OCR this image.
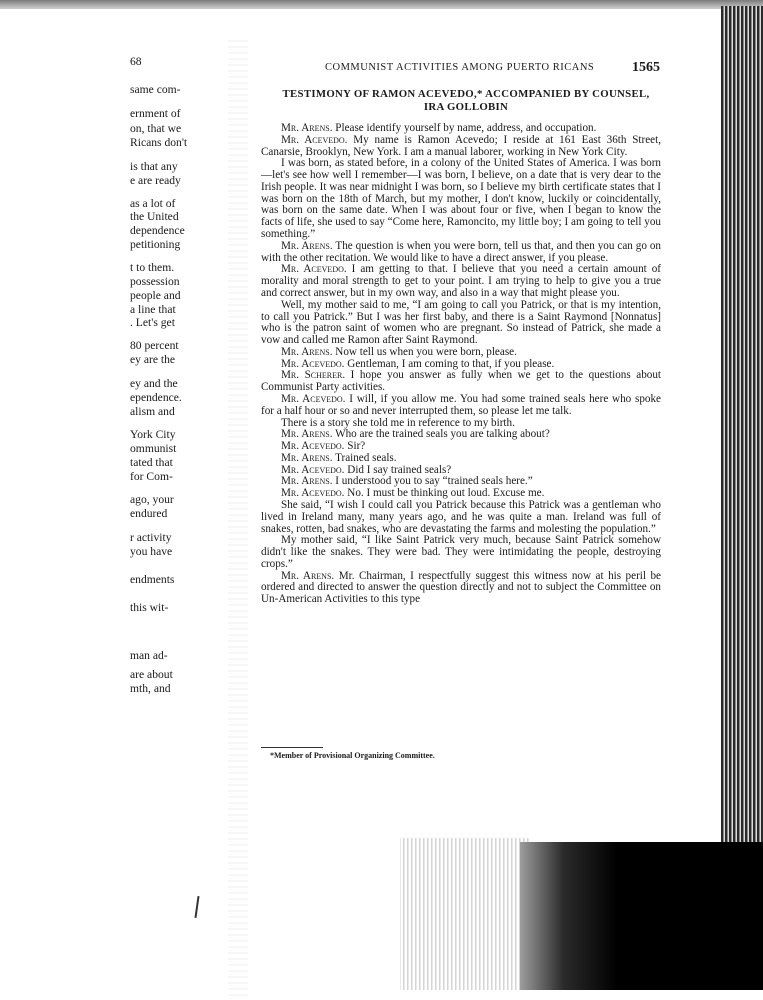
68
same com-
ernment of
on, that we
Ricans don't
is that any
e are ready
as a lot of
the United
dependence
petitioning
t to them.
possession
people and
a line that
. Let's get
80 percent
ey are the
ey and the
ependence.
alism and
York City
ommunist
tated that
for Com-
ago, your
endured
r activity
you have
endments
this wit-
man ad-
are about
mth, and
COMMUNIST ACTIVITIES AMONG PUERTO RICANS	1565
TESTIMONY OF RAMON ACEVEDO,* ACCOMPANIED BY COUNSEL,
IRA GOLLOBIN

Mr. Arens. Please identify yourself by name, address, and occupation.

Mr. Acevedo. My name is Ramon Acevedo; I reside at 161 East 36th Street, Canarsie, Brooklyn, New York. I am a manual laborer, working in New York City.

I was born, as stated before, in a colony of the United States of America. I was born—let's see how well I remember—I was born, I believe, on a date that is very dear to the Irish people. It was near midnight I was born, so I believe my birth certificate states that I was born on the 18th of March, but my mother, I don't know, luckily or coincidentally, was born on the same date. When I was about four or five, when I began to know the facts of life, she used to say “Come here, Ramoncito, my little boy; I am going to tell you something.”

Mr. Arens. The question is when you were born, tell us that, and then you can go on with the other recitation. We would like to have a direct answer, if you please.

Mr. Acevedo. I am getting to that. I believe that you need a certain amount of morality and moral strength to get to your point. I am trying to help to give you a true and correct answer, but in my own way, and also in a way that might please you.

Well, my mother said to me, “I am going to call you Patrick, or that is my intention, to call you Patrick.” But I was her first baby, and there is a Saint Raymond [Nonnatus] who is the patron saint of women who are pregnant. So instead of Patrick, she made a vow and called me Ramon after Saint Raymond.

Mr. Arens. Now tell us when you were born, please.

Mr. Acevedo. Gentleman, I am coming to that, if you please.

Mr. Scherer. I hope you answer as fully when we get to the questions about Communist Party activities.

Mr. Acevedo. I will, if you allow me. You had some trained seals here who spoke for a half hour or so and never interrupted them, so please let me talk.

There is a story she told me in reference to my birth.

Mr. Arens. Who are the trained seals you are talking about?

Mr. Acevedo. Sir?

Mr. Arens. Trained seals.

Mr. Acevedo. Did I say trained seals?

Mr. Arens. I understood you to say “trained seals here.”

Mr. Acevedo. No. I must be thinking out loud. Excuse me.

She said, “I wish I could call you Patrick because this Patrick was a gentleman who lived in Ireland many, many years ago, and he was quite a man. Ireland was full of snakes, rotten, bad snakes, who are devastating the farms and molesting the population.”

My mother said, “I like Saint Patrick very much, because Saint Patrick somehow didn't like the snakes. They were bad. They were intimidating the people, destroying crops.”

Mr. Arens. Mr. Chairman, I respectfully suggest this witness now at his peril be ordered and directed to answer the question directly and not to subject the Committee on Un-American Activities to this type

*Member of Provisional Organizing Committee.
